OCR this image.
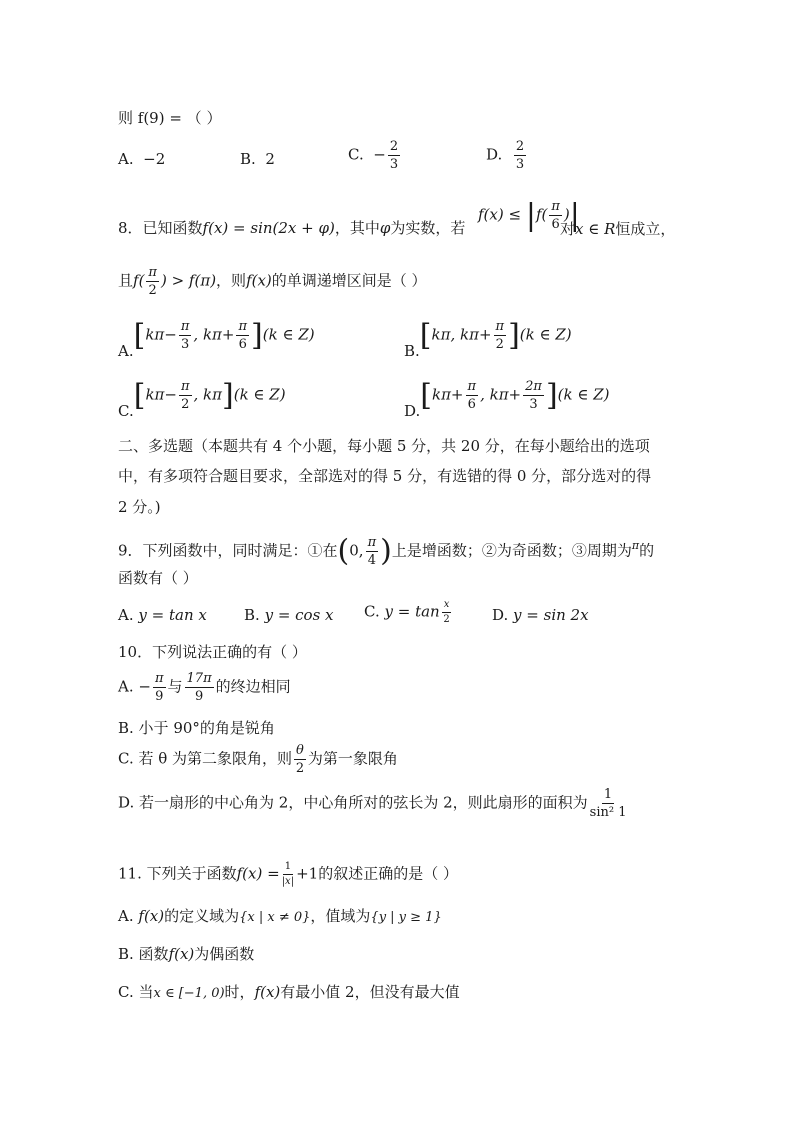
则 f(9) = （ ）
A. −2	B. 2	C. − $\frac{2}{3}$	D. $\frac{2}{3}$
8．已知函数f(x) = sin(2x + φ)，其中φ为实数，若
$f(x) \le |f( \frac{\pi}{6}$ )|
对x ∈ R恒成立，
且$f( \frac{\pi}{2}$ ) > f(π)，则f(x)的单调递增区间是（ ）
$A.[k\pi- \frac{\pi}{3}$ , $k\pi+ \frac{\pi}{6} ](k$ ∈ Z)
B.[kπ, $k\pi+ \frac{\pi}{2} ](k$ ∈ Z)
$C.[k\pi- \frac{\pi}{2}$ , kπ](k ∈ Z)
$D.[k\pi+ \frac{\pi}{6}$ , $k\pi+ \frac{2\pi}{3} ](k$ ∈ Z)
二、多选题（本题共有 4 个小题，每小题 5 分，共 20 分，在每小题给出的选项
中，有多项符合题目要求，全部选对的得 5 分，有选错的得 0 分，部分选对的得
2 分。)
9．下列函数中，同时满足：①在(0, $\frac{\pi}{4}$ )上是增函数；②为奇函数；③周期为$^\pi$的
函数有（ ）
A. y = tan x B. y = cos x C. $y = \tan \frac{x}{2}$	D. y = sin 2x
10．下列说法正确的有（ ）
A. − $\frac{\pi}{9}$ 与 $\frac{17\pi}{9}$ 的终边相同
B. 小于 90°的角是锐角
C. 若 θ 为第二象限角，则 $\frac{\theta}{2}$ 为第一象限角
D. 若一扇形的中心角为 2，中心角所对的弦长为 2，则此扇形的面积为 $\frac{1}{\text{sin² 1}}$
11. 下列关于函数$f(x) = \frac{1}{|x|} +1$的叙述正确的是（ ）
A. f(x)的定义域为{x | x ≠ 0}，值域为{y | y ≥ 1}
B. 函数f(x)为偶函数
C. 当x ∈ [−1, 0)时，f(x)有最小值 2，但没有最大值
